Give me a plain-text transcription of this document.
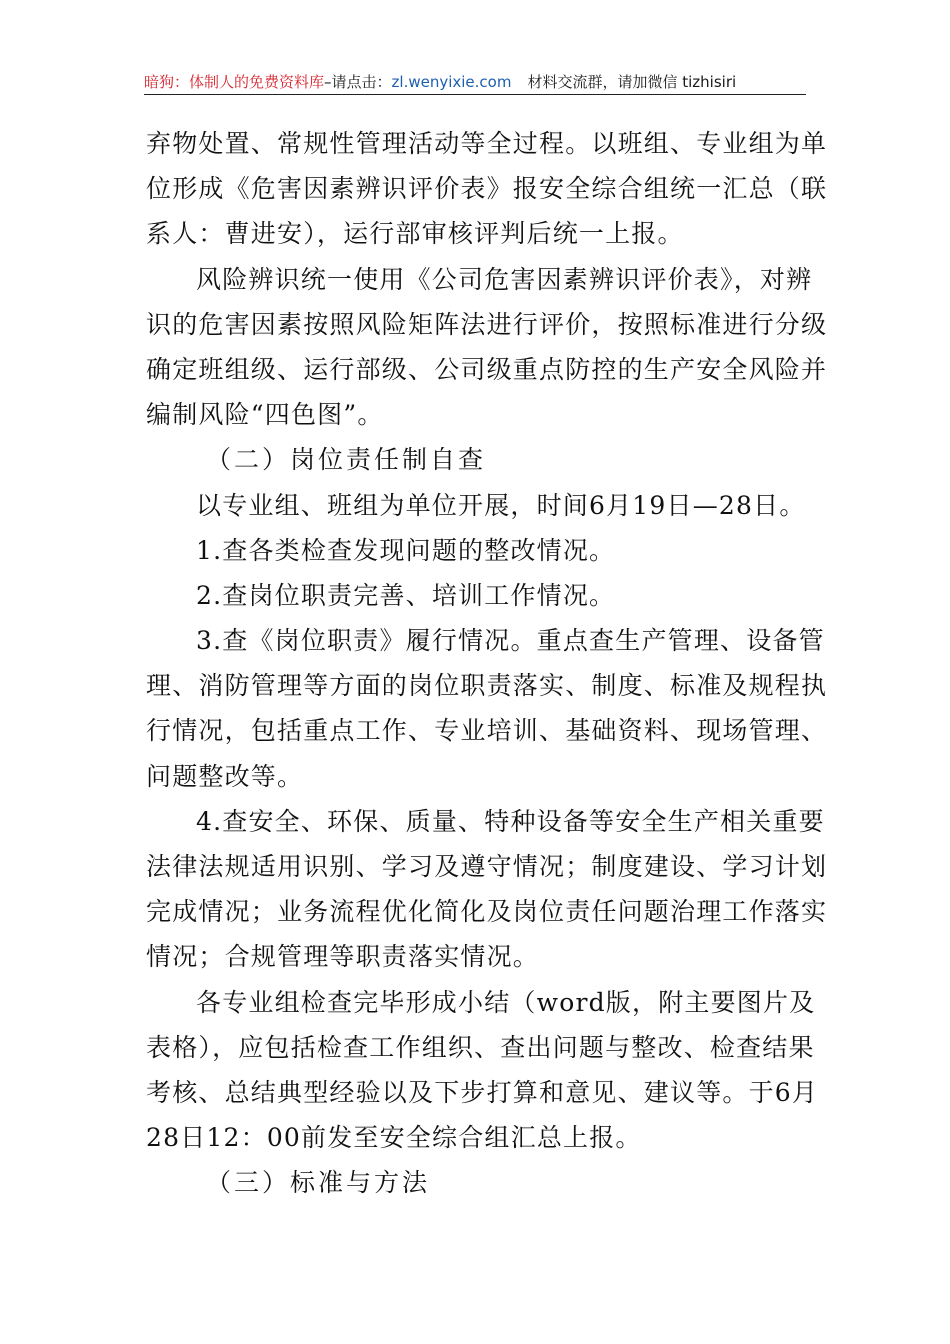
暗狗：体制人的免费资料库–请点击：zl.wenyixie.com 材料交流群，请加微信 tizhisiri
弃物处置、常规性管理活动等全过程。以班组、专业组为单
位形成《危害因素辨识评价表》报安全综合组统一汇总（联
系人：曹进安），运行部审核评判后统一上报。
风险辨识统一使用《公司危害因素辨识评价表》，对辨
识的危害因素按照风险矩阵法进行评价，按照标准进行分级
确定班组级、运行部级、公司级重点防控的生产安全风险并
编制风险“四色图”。
（二）岗位责任制自查
以专业组、班组为单位开展，时间6月19日—28日。
1.查各类检查发现问题的整改情况。
2.查岗位职责完善、培训工作情况。
3.查《岗位职责》履行情况。重点查生产管理、设备管
理、消防管理等方面的岗位职责落实、制度、标准及规程执
行情况，包括重点工作、专业培训、基础资料、现场管理、
问题整改等。
4.查安全、环保、质量、特种设备等安全生产相关重要
法律法规适用识别、学习及遵守情况；制度建设、学习计划
完成情况；业务流程优化简化及岗位责任问题治理工作落实
情况；合规管理等职责落实情况。
各专业组检查完毕形成小结（word版，附主要图片及
表格），应包括检查工作组织、查出问题与整改、检查结果
考核、总结典型经验以及下步打算和意见、建议等。于6月
28日12：00前发至安全综合组汇总上报。
（三）标准与方法
